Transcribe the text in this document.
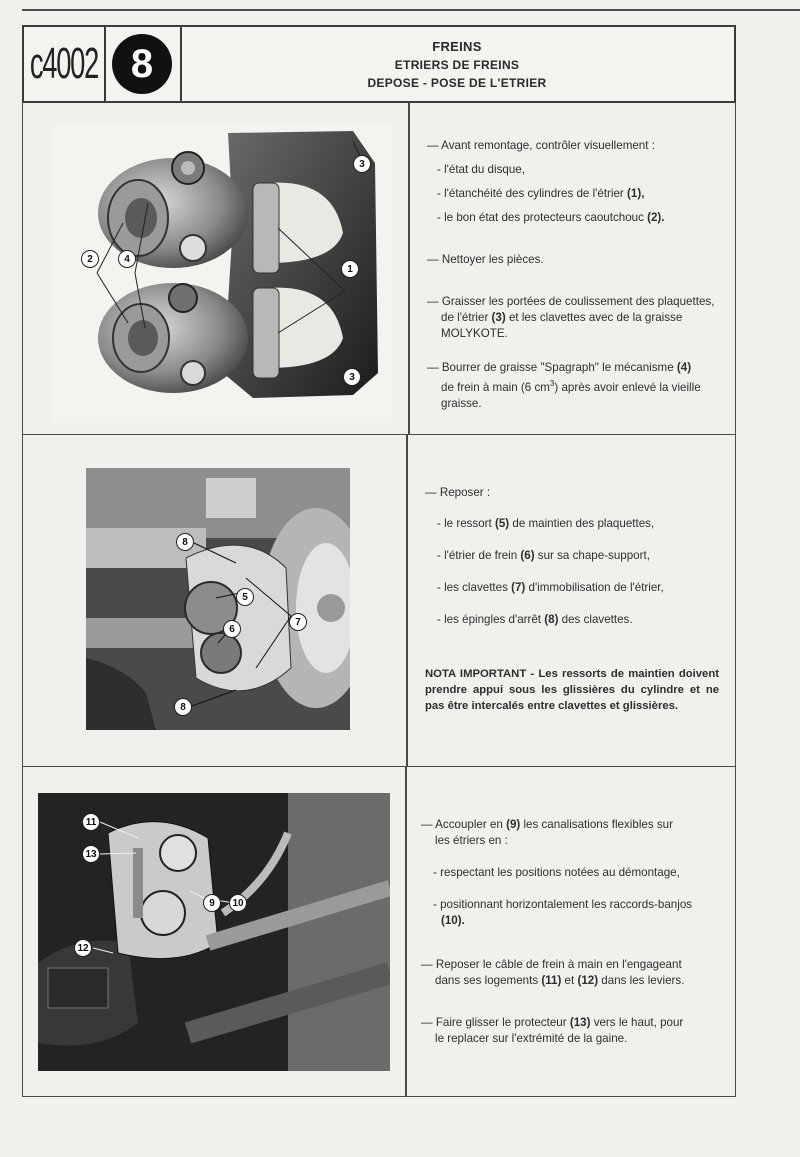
c4002 8	FREINS
ETRIERS DE FREINS
DEPOSE - POSE DE L'ETRIER
3
2	4
1
3

— Avant remontage, contrôler visuellement :

- l'état du disque,

- l'étanchéité des cylindres de l'étrier (1),

- le bon état des protecteurs caoutchouc (2).

— Nettoyer les pièces.

— Graisser les portées de coulissement des plaquettes,
de l'étrier (3) et les clavettes avec de la graisse
MOLYKOTE.

— Bourrer de graisse "Spagraph" le mécanisme (4)
de frein à main (6 $cm^3$) après avoir enlevé la vieille
graisse.

8
5
6
7
8

— Reposer :

- le ressort (5) de maintien des plaquettes,

- l'étrier de frein (6) sur sa chape-support,

- les clavettes (7) d'immobilisation de l'étrier,

- les épingles d'arrêt (8) des clavettes.

NOTA IMPORTANT - Les ressorts de maintien doivent prendre appui sous les glissières du cylindre et ne pas être intercalés entre clavettes et glissières.

11
13
9	10
12

— Accoupler en (9) les canalisations flexibles sur
les étriers en :

- respectant les positions notées au démontage,

- positionnant horizontalement les raccords-banjos
(10).

— Reposer le câble de frein à main en l'engageant
dans ses logements (11) et (12) dans les leviers.

— Faire glisser le protecteur (13) vers le haut, pour
le replacer sur l'extrémité de la gaine.
